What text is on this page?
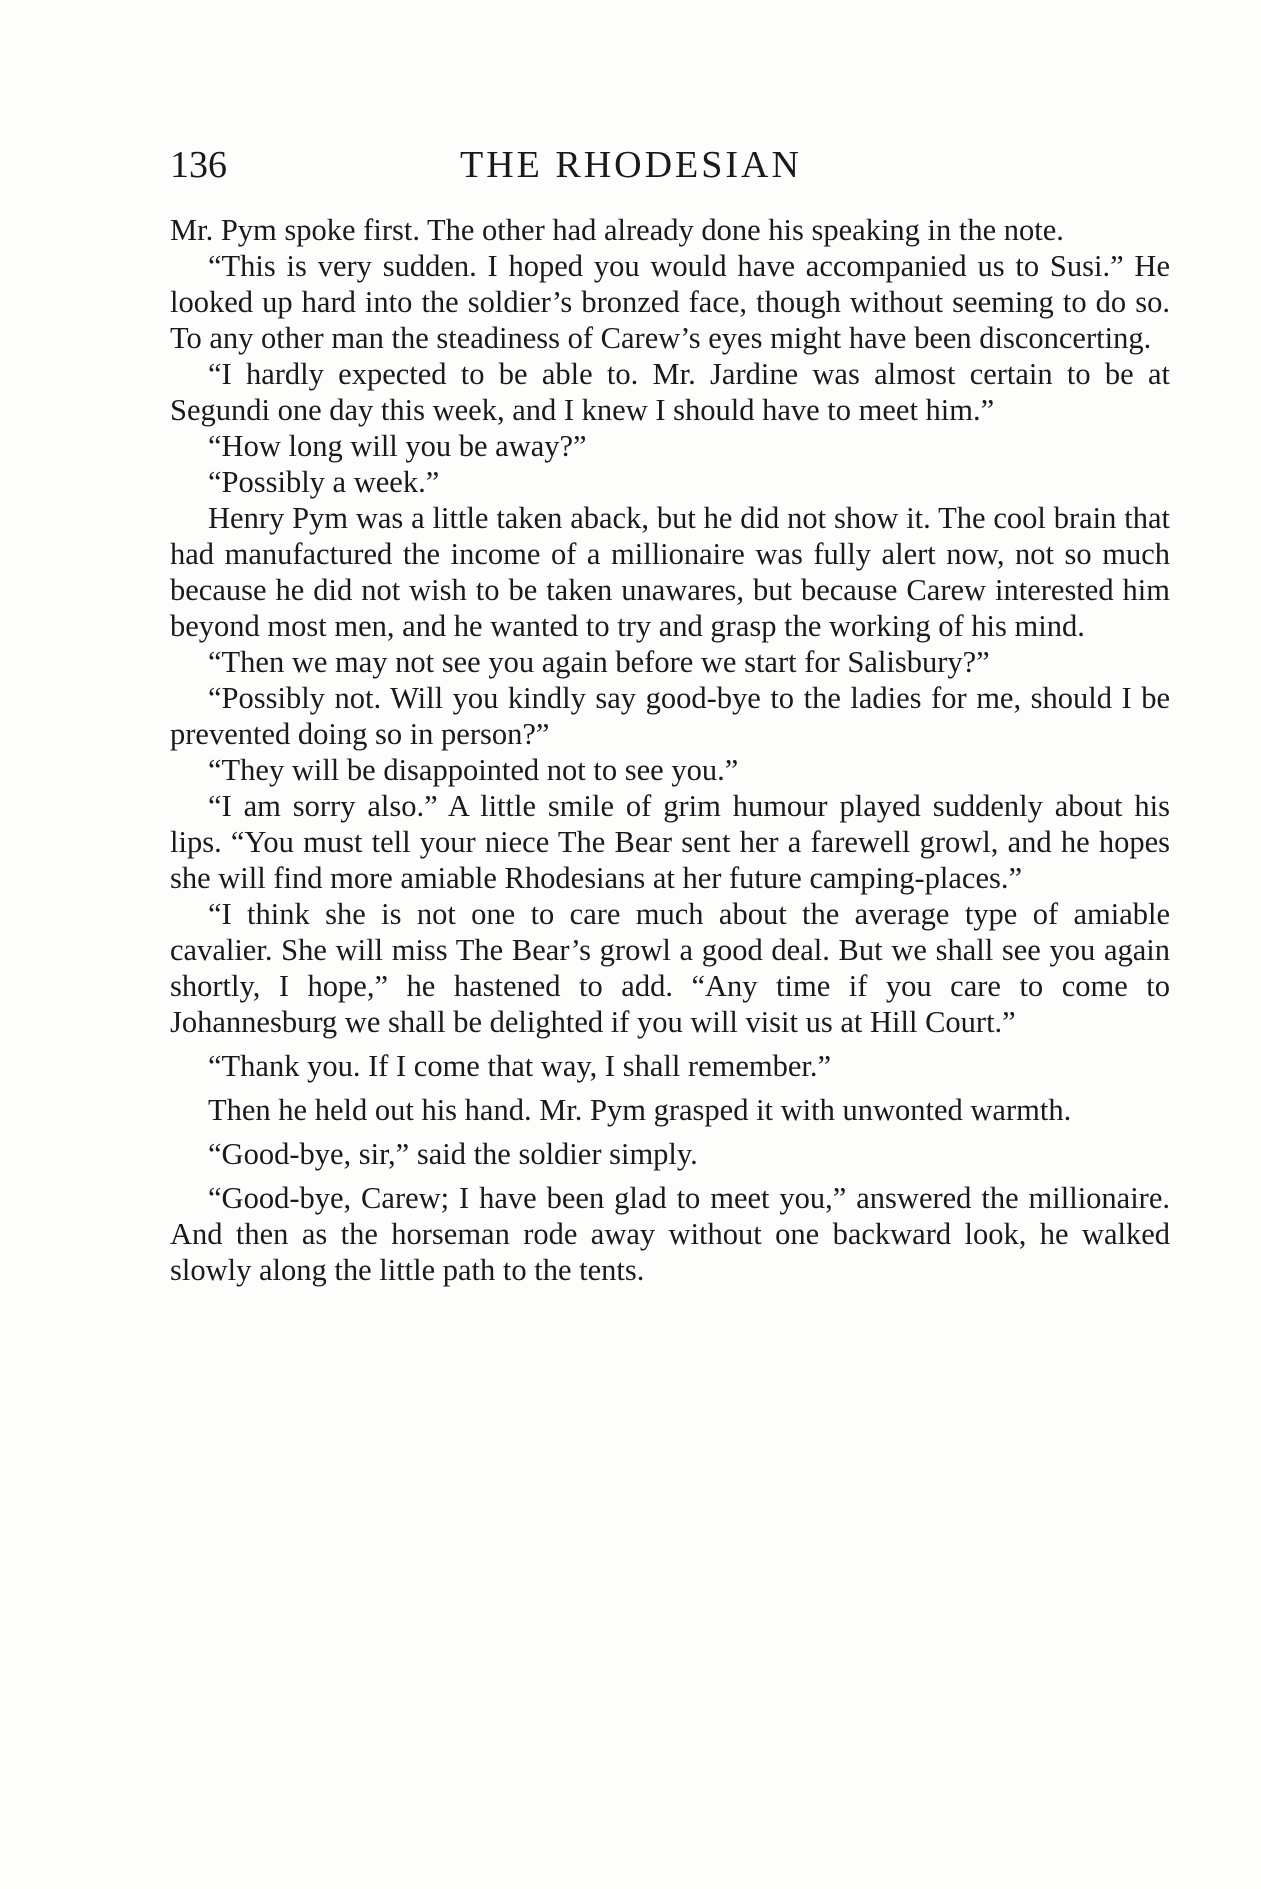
136	THE RHODESIAN

Mr. Pym spoke first. The other had already done his speaking in the note.

“This is very sudden. I hoped you would have accompanied us to Susi.” He looked up hard into the soldier’s bronzed face, though without seeming to do so. To any other man the steadiness of Carew’s eyes might have been disconcerting.

“I hardly expected to be able to. Mr. Jardine was almost certain to be at Segundi one day this week, and I knew I should have to meet him.”

“How long will you be away?”

“Possibly a week.”

Henry Pym was a little taken aback, but he did not show it. The cool brain that had manufactured the income of a millionaire was fully alert now, not so much because he did not wish to be taken unawares, but because Carew interested him beyond most men, and he wanted to try and grasp the working of his mind.

“Then we may not see you again before we start for Salisbury?”

“Possibly not. Will you kindly say good-bye to the ladies for me, should I be prevented doing so in person?”

“They will be disappointed not to see you.”

“I am sorry also.” A little smile of grim humour played suddenly about his lips. “You must tell your niece The Bear sent her a farewell growl, and he hopes she will find more amiable Rhodesians at her future camping-places.”

“I think she is not one to care much about the average type of amiable cavalier. She will miss The Bear’s growl a good deal. But we shall see you again shortly, I hope,” he hastened to add. “Any time if you care to come to Johannesburg we shall be delighted if you will visit us at Hill Court.”

“Thank you. If I come that way, I shall remember.”

Then he held out his hand. Mr. Pym grasped it with unwonted warmth.

“Good-bye, sir,” said the soldier simply.

“Good-bye, Carew; I have been glad to meet you,” answered the millionaire. And then as the horseman rode away without one backward look, he walked slowly along the little path to the tents.
